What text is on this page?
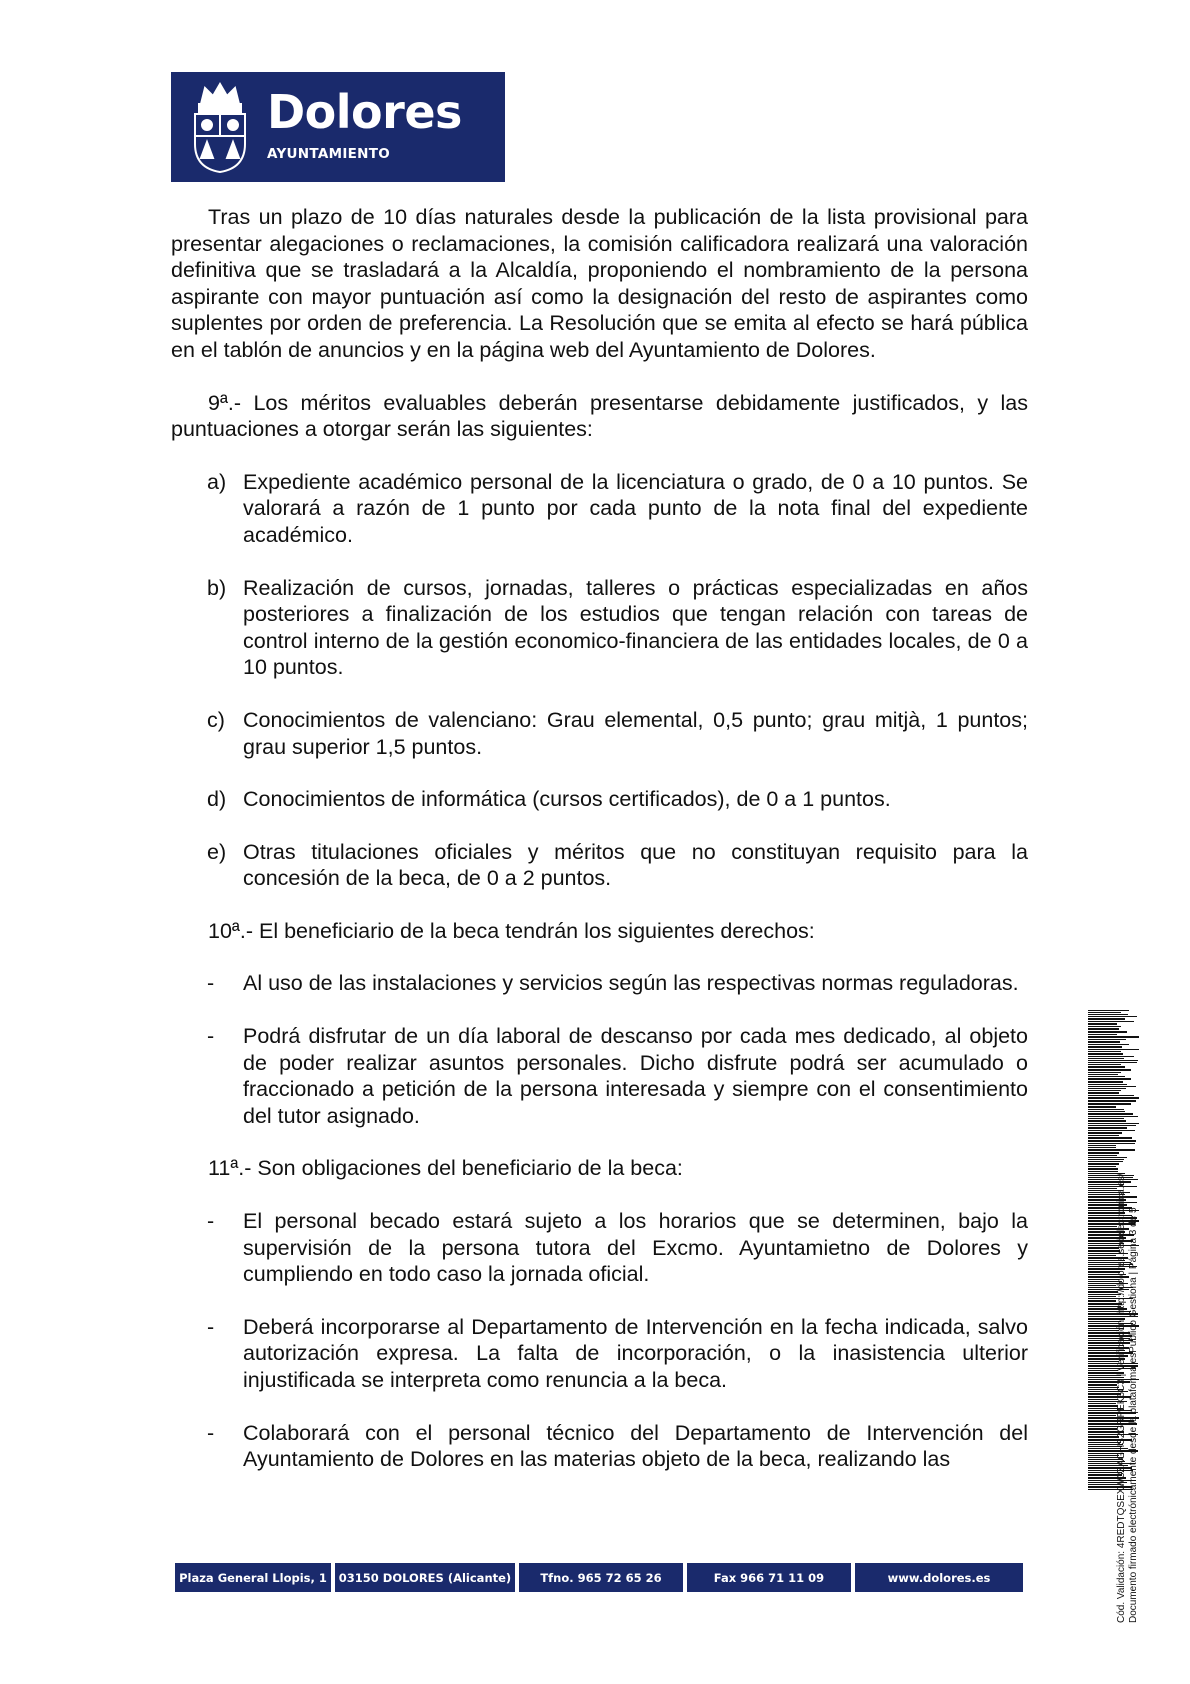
Dolores
AYUNTAMIENTO

Tras un plazo de 10 días naturales desde la publicación de la lista provisional para presentar alegaciones o reclamaciones, la comisión calificadora realizará una valoración definitiva que se trasladará a la Alcaldía, proponiendo el nombramiento de la persona aspirante con mayor puntuación así como la designación del resto de aspirantes como suplentes por orden de preferencia. La Resolución que se emita al efecto se hará pública en el tablón de anuncios y en la página web del Ayuntamiento de Dolores.

9ª.- Los méritos evaluables deberán presentarse debidamente justificados, y las puntuaciones a otorgar serán las siguientes:

a) Expediente académico personal de la licenciatura o grado, de 0 a 10 puntos. Se valorará a razón de 1 punto por cada punto de la nota final del expediente académico.
b) Realización de cursos, jornadas, talleres o prácticas especializadas en años posteriores a finalización de los estudios que tengan relación con tareas de control interno de la gestión economico-financiera de las entidades locales, de 0 a 10 puntos.
c) Conocimientos de valenciano: Grau elemental, 0,5 punto; grau mitjà, 1 puntos; grau superior 1,5 puntos.
d) Conocimientos de informática (cursos certificados), de 0 a 1 puntos.
e) Otras titulaciones oficiales y méritos que no constituyan requisito para la concesión de la beca, de 0 a 2 puntos.

10ª.- El beneficiario de la beca tendrán los siguientes derechos:

- Al uso de las instalaciones y servicios según las respectivas normas reguladoras.
- Podrá disfrutar de un día laboral de descanso por cada mes dedicado, al objeto de poder realizar asuntos personales. Dicho disfrute podrá ser acumulado o fraccionado a petición de la persona interesada y siempre con el consentimiento del tutor asignado.

11ª.- Son obligaciones del beneficiario de la beca:

- El personal becado estará sujeto a los horarios que se determinen, bajo la supervisión de la persona tutora del Excmo. Ayuntamietno de Dolores y cumpliendo en todo caso la jornada oficial.
- Deberá incorporarse al Departamento de Intervención en la fecha indicada, salvo autorización expresa. La falta de incorporación, o la inasistencia ulterior injustificada se interpreta como renuncia a la beca.
- Colaborará con el personal técnico del Departamento de Intervención del Ayuntamiento de Dolores en las materias objeto de la beca, realizando las
Plaza General Llopis, 1	03150 DOLORES (Alicante)	Tfno. 965 72 65 26	Fax 966 71 11 09	www.dolores.es	Cód. Validación: 4REDTQSEXW3ZAGHS2GRPEK6C3 | Verificación: http://dolores.sedelectronica.es/ Documento firmado electrónicamente desde la plataforma esPublico Gestiona | Página 3 de 5
